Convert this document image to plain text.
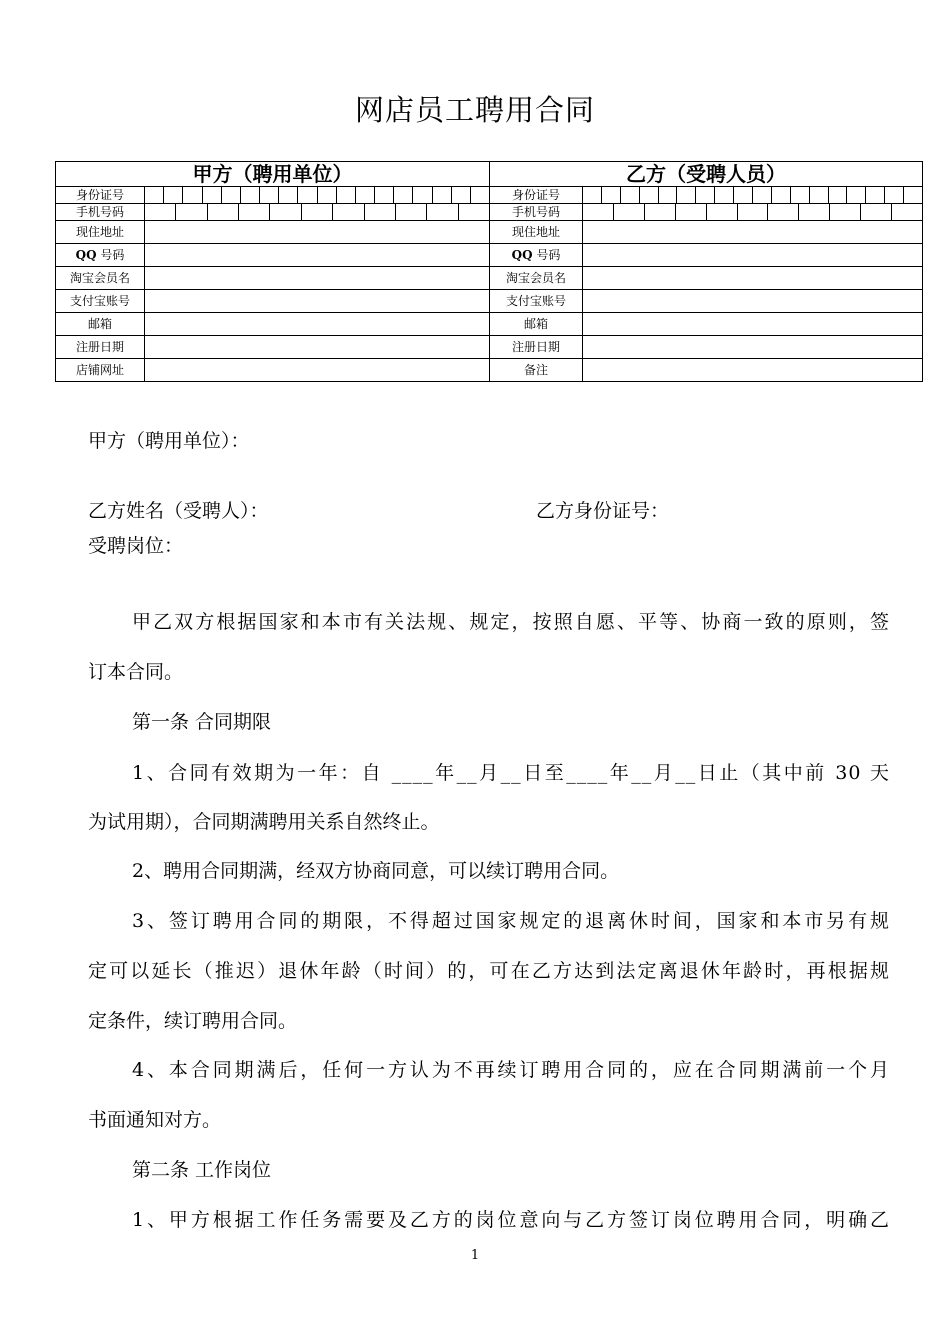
网店员工聘用合同
甲方（聘用单位）		乙方（受聘人员）	
身份证号		身份证号	

手机号码		手机号码	

现住地址		现住地址	
QQ 号码		QQ 号码	
淘宝会员名		淘宝会员名	
支付宝账号		支付宝账号	
邮箱		邮箱	
注册日期		注册日期	
店铺网址		备注	
甲方（聘用单位）：
乙方姓名（受聘人）：	乙方身份证号：
受聘岗位：
甲乙双方根据国家和本市有关法规、规定，按照自愿、平等、协商一致的原则，签
订本合同。
第一条 合同期限
1、合同有效期为一年：自 ____年__月__日至____年__月__日止（其中前 30 天
为试用期），合同期满聘用关系自然终止。
2、聘用合同期满，经双方协商同意，可以续订聘用合同。
3、签订聘用合同的期限，不得超过国家规定的退离休时间，国家和本市另有规
定可以延长（推迟）退休年龄（时间）的，可在乙方达到法定离退休年龄时，再根据规
定条件，续订聘用合同。
4、本合同期满后，任何一方认为不再续订聘用合同的，应在合同期满前一个月
书面通知对方。
第二条 工作岗位
1、甲方根据工作任务需要及乙方的岗位意向与乙方签订岗位聘用合同，明确乙
1
